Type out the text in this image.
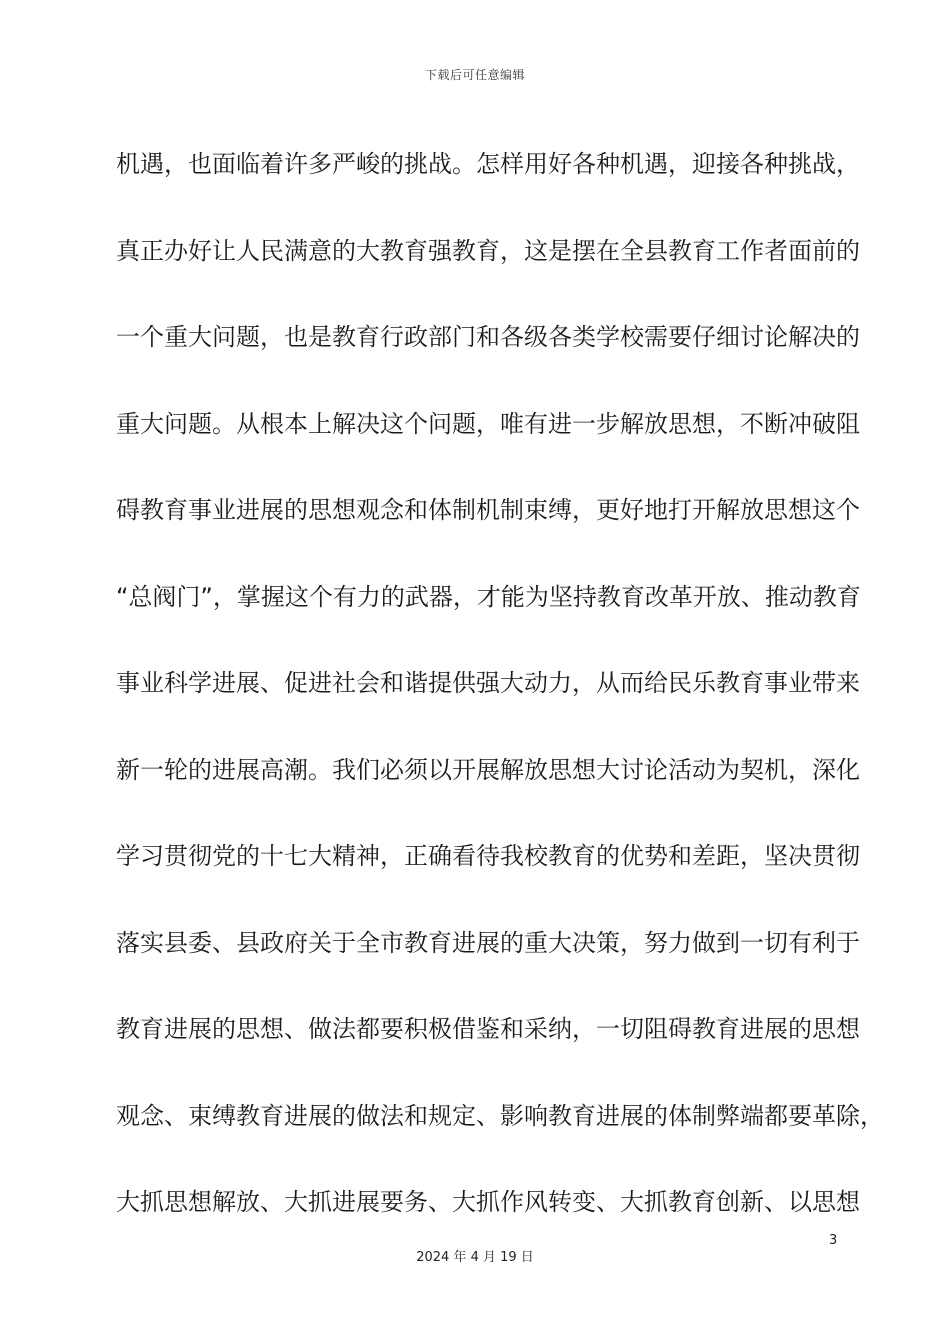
下载后可任意编辑
机遇，也面临着许多严峻的挑战。怎样用好各种机遇，迎接各种挑战，
真正办好让人民满意的大教育强教育，这是摆在全县教育工作者面前的
一个重大问题，也是教育行政部门和各级各类学校需要仔细讨论解决的
重大问题。从根本上解决这个问题，唯有进一步解放思想，不断冲破阻
碍教育事业进展的思想观念和体制机制束缚，更好地打开解放思想这个
“总阀门”，掌握这个有力的武器，才能为坚持教育改革开放、推动教育
事业科学进展、促进社会和谐提供强大动力，从而给民乐教育事业带来
新一轮的进展高潮。我们必须以开展解放思想大讨论活动为契机，深化
学习贯彻党的十七大精神，正确看待我校教育的优势和差距，坚决贯彻
落实县委、县政府关于全市教育进展的重大决策，努力做到一切有利于
教育进展的思想、做法都要积极借鉴和采纳，一切阻碍教育进展的思想
观念、束缚教育进展的做法和规定、影响教育进展的体制弊端都要革除，
大抓思想解放、大抓进展要务、大抓作风转变、大抓教育创新、以思想
3
2024 年 4 月 19 日
